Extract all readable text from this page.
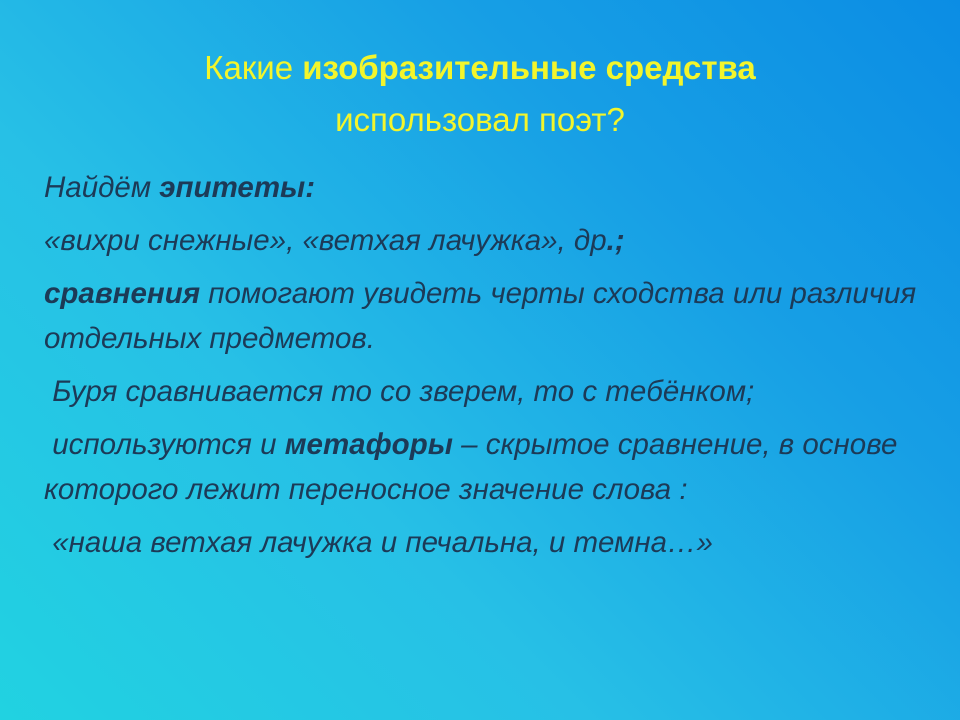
Какие изобразительные средства
использовал поэт?

Найдём эпитеты:

«вихри снежные», «ветхая лачужка», др.;

сравнения помогают увидеть черты сходства или различия отдельных предметов.

Буря сравнивается то со зверем, то с тебёнком;

используются и метафоры – скрытое сравнение, в основе которого лежит переносное значение слова :

«наша ветхая лачужка и печальна, и темна…»
